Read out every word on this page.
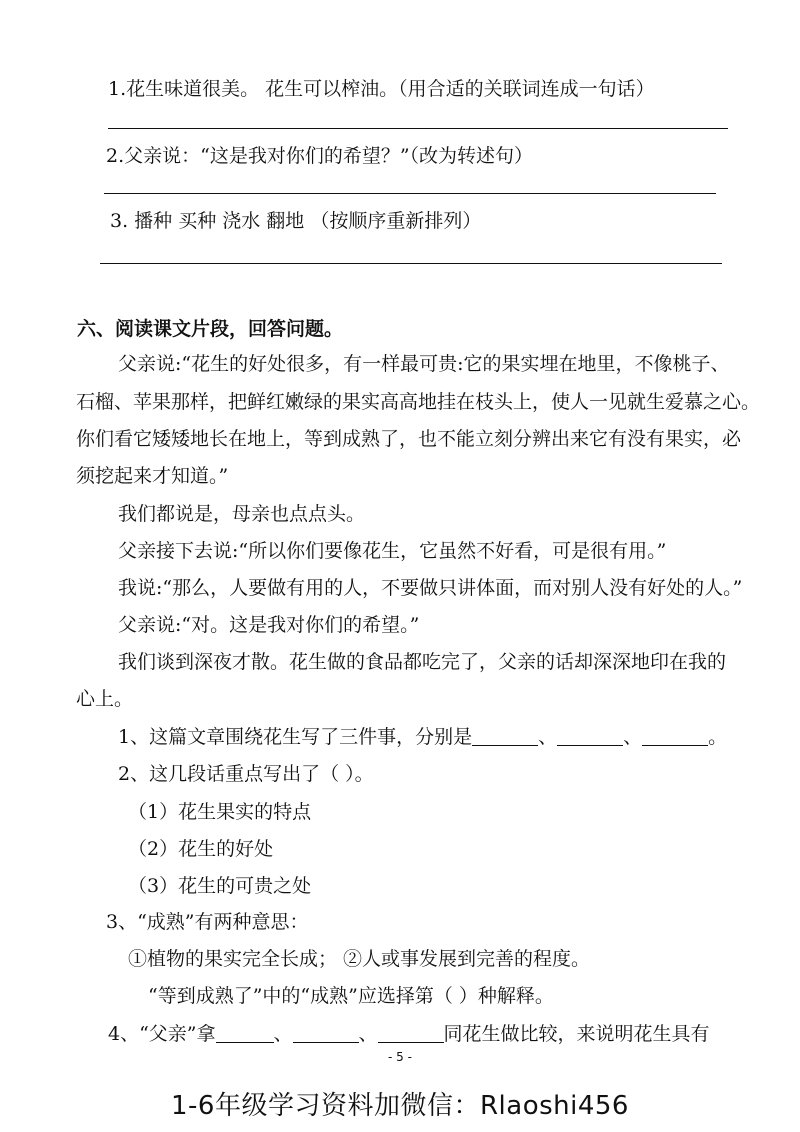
1.花生味道很美。 花生可以榨油。（用合适的关联词连成一句话）
2.父亲说：“这是我对你们的希望？”（改为转述句）
3. 播种 买种 浇水 翻地 （按顺序重新排列）
六、阅读课文片段，回答问题。
父亲说:“花生的好处很多，有一样最可贵:它的果实埋在地里，不像桃子、
石榴、苹果那样，把鲜红嫩绿的果实高高地挂在枝头上，使人一见就生爱慕之心。
你们看它矮矮地长在地上，等到成熟了，也不能立刻分辨出来它有没有果实，必
须挖起来才知道。”
我们都说是，母亲也点点头。
父亲接下去说:“所以你们要像花生，它虽然不好看，可是很有用。”
我说:“那么，人要做有用的人，不要做只讲体面，而对别人没有好处的人。”
父亲说:“对。这是我对你们的希望。”
我们谈到深夜才散。花生做的食品都吃完了，父亲的话却深深地印在我的
心上。
1、这篇文章围绕花生写了三件事，分别是	、	、	。
2、这几段话重点写出了（ ）。
（1）花生果实的特点
（2）花生的好处
（3）花生的可贵之处
3、“成熟”有两种意思：
①植物的果实完全长成； ②人或事发展到完善的程度。
“等到成熟了”中的“成熟”应选择第（ ）种解释。
4、“父亲”拿	、	、	同花生做比较，来说明花生具有
- 5 -
1-6年级学习资料加微信：Rlaoshi456
